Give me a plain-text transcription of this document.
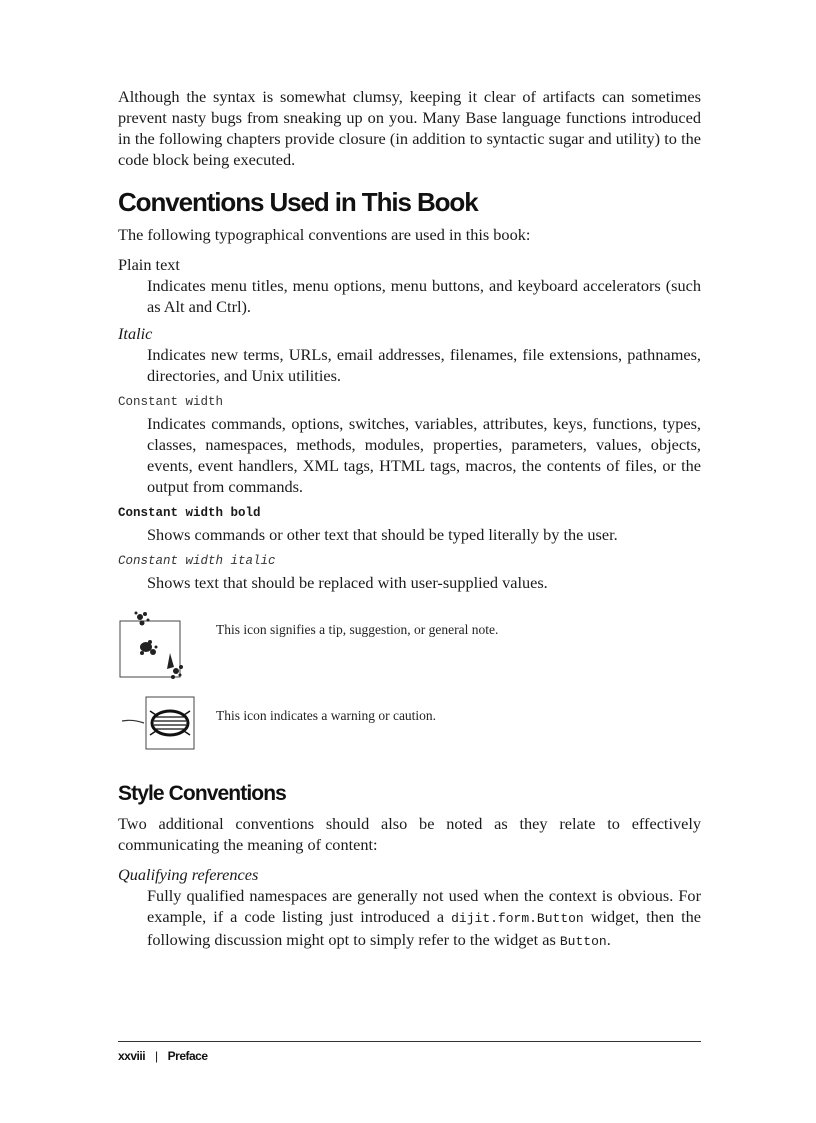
Although the syntax is somewhat clumsy, keeping it clear of artifacts can sometimes prevent nasty bugs from sneaking up on you. Many Base language functions introduced in the following chapters provide closure (in addition to syntactic sugar and utility) to the code block being executed.

Conventions Used in This Book

The following typographical conventions are used in this book:

Plain text
Indicates menu titles, menu options, menu buttons, and keyboard accelerators (such as Alt and Ctrl).
Italic
Indicates new terms, URLs, email addresses, filenames, file extensions, pathnames, directories, and Unix utilities.
Constant width
Indicates commands, options, switches, variables, attributes, keys, functions, types, classes, namespaces, methods, modules, properties, parameters, values, objects, events, event handlers, XML tags, HTML tags, macros, the contents of files, or the output from commands.
Constant width bold
Shows commands or other text that should be typed literally by the user.
Constant width italic
Shows text that should be replaced with user-supplied values.
This icon signifies a tip, suggestion, or general note.
This icon indicates a warning or caution.
Style Conventions

Two additional conventions should also be noted as they relate to effectively communicating the meaning of content:

Qualifying references
Fully qualified namespaces are generally not used when the context is obvious. For example, if a code listing just introduced a dijit.form.Button widget, then the following discussion might opt to simply refer to the widget as Button.
xxviii | Preface
